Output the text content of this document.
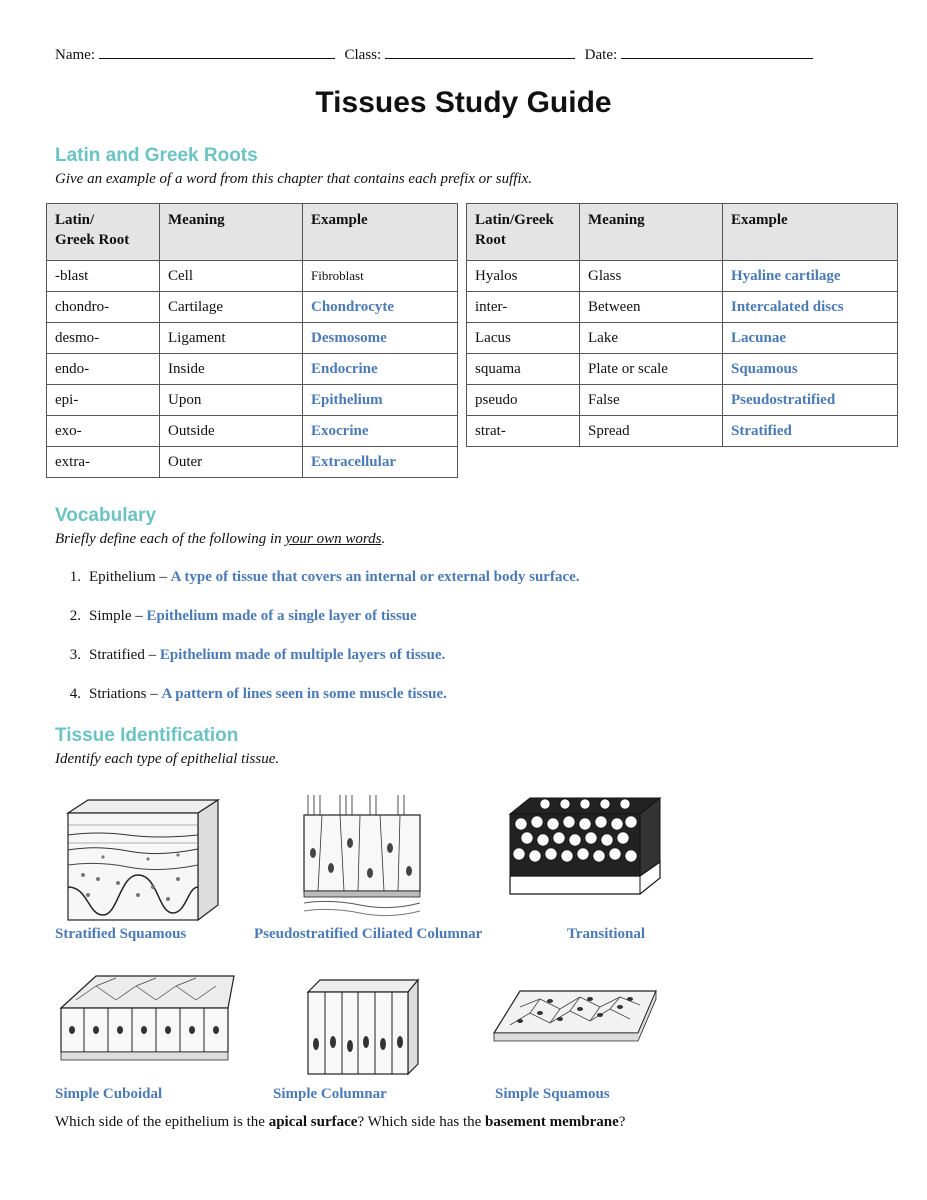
Name:	Class:	Date:
Tissues Study Guide
Latin and Greek Roots
Give an example of a word from this chapter that contains each prefix or suffix.
Latin/
Greek Root	Meaning	Example
-blast	Cell	Fibroblast
chondro-	Cartilage	Chondrocyte
desmo-	Ligament	Desmosome
endo-	Inside	Endocrine
epi-	Upon	Epithelium
exo-	Outside	Exocrine
extra-	Outer	Extracellular
Latin/Greek
Root	Meaning	Example
Hyalos	Glass	Hyaline cartilage
inter-	Between	Intercalated discs
Lacus	Lake	Lacunae
squama	Plate or scale	Squamous
pseudo	False	Pseudostratified
strat-	Spread	Stratified
Vocabulary
Briefly define each of the following in your own words.
1. Epithelium – A type of tissue that covers an internal or external body surface.
2. Simple – Epithelium made of a single layer of tissue
3. Stratified – Epithelium made of multiple layers of tissue.
4. Striations – A pattern of lines seen in some muscle tissue.
Tissue Identification
Identify each type of epithelial tissue.
Stratified Squamous	Pseudostratified Ciliated Columnar	Transitional
Simple Cuboidal	Simple Columnar	Simple Squamous
Which side of the epithelium is the apical surface? Which side has the basement membrane?
